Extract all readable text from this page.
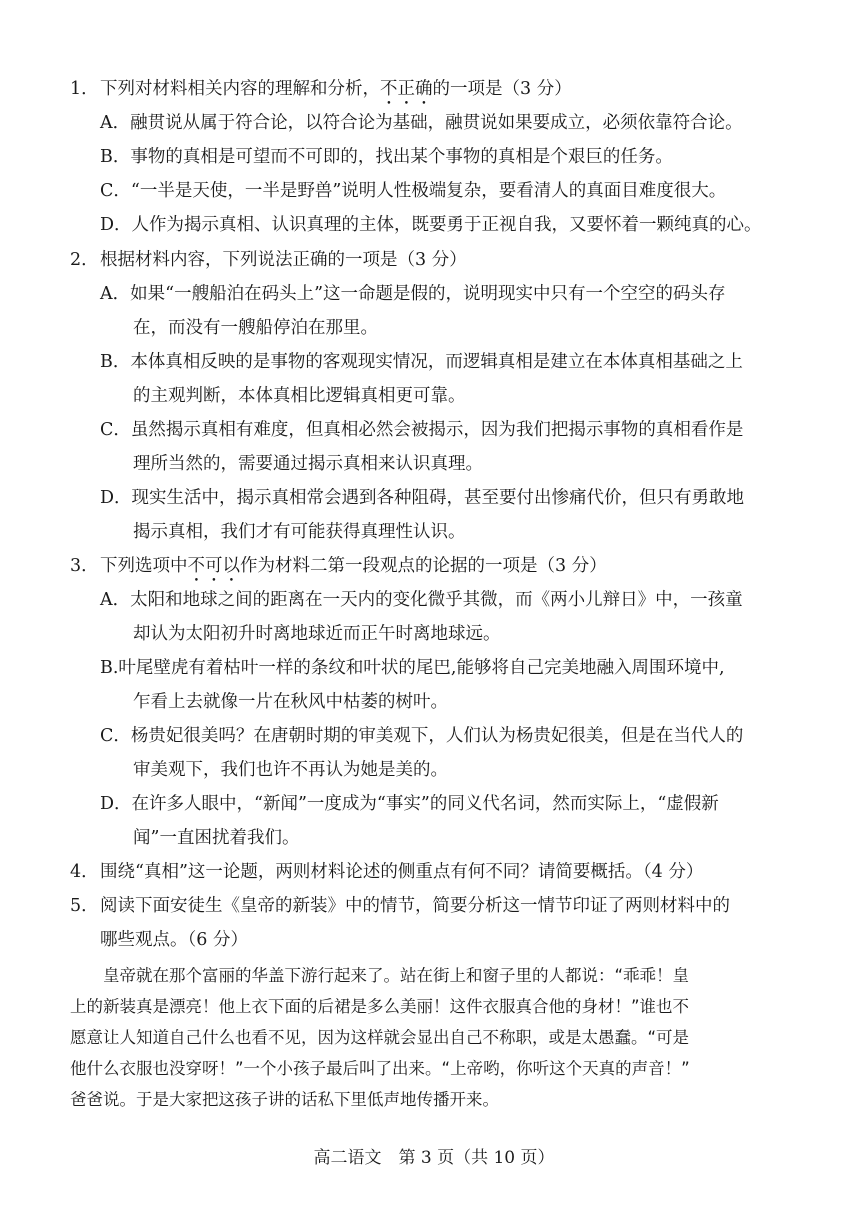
1．下列对材料相关内容的理解和分析，不正确的一项是（3 分）
A．融贯说从属于符合论，以符合论为基础，融贯说如果要成立，必须依靠符合论。
B．事物的真相是可望而不可即的，找出某个事物的真相是个艰巨的任务。
C．“一半是天使，一半是野兽”说明人性极端复杂，要看清人的真面目难度很大。
D．人作为揭示真相、认识真理的主体，既要勇于正视自我，又要怀着一颗纯真的心。
2．根据材料内容，下列说法正确的一项是（3 分）
A．如果“一艘船泊在码头上”这一命题是假的，说明现实中只有一个空空的码头存
在，而没有一艘船停泊在那里。
B．本体真相反映的是事物的客观现实情况，而逻辑真相是建立在本体真相基础之上
的主观判断，本体真相比逻辑真相更可靠。
C．虽然揭示真相有难度，但真相必然会被揭示，因为我们把揭示事物的真相看作是
理所当然的，需要通过揭示真相来认识真理。
D．现实生活中，揭示真相常会遇到各种阻碍，甚至要付出惨痛代价，但只有勇敢地
揭示真相，我们才有可能获得真理性认识。
3．下列选项中不可以作为材料二第一段观点的论据的一项是（3 分）
A．太阳和地球之间的距离在一天内的变化微乎其微，而《两小儿辩日》中，一孩童
却认为太阳初升时离地球近而正午时离地球远。
B.叶尾壁虎有着枯叶一样的条纹和叶状的尾巴,能够将自己完美地融入周围环境中,
乍看上去就像一片在秋风中枯萎的树叶。
C．杨贵妃很美吗？在唐朝时期的审美观下，人们认为杨贵妃很美，但是在当代人的
审美观下，我们也许不再认为她是美的。
D．在许多人眼中，“新闻”一度成为“事实”的同义代名词，然而实际上，“虚假新
闻”一直困扰着我们。
4．围绕“真相”这一论题，两则材料论述的侧重点有何不同？请简要概括。（4 分）
5．阅读下面安徒生《皇帝的新装》中的情节，简要分析这一情节印证了两则材料中的
哪些观点。（6 分）
　　皇帝就在那个富丽的华盖下游行起来了。站在街上和窗子里的人都说：“乖乖！皇
上的新装真是漂亮！他上衣下面的后裙是多么美丽！这件衣服真合他的身材！”谁也不
愿意让人知道自己什么也看不见，因为这样就会显出自己不称职，或是太愚蠢。“可是
他什么衣服也没穿呀！”一个小孩子最后叫了出来。“上帝哟，你听这个天真的声音！”
爸爸说。于是大家把这孩子讲的话私下里低声地传播开来。
高二语文　第 3 页（共 10 页）
